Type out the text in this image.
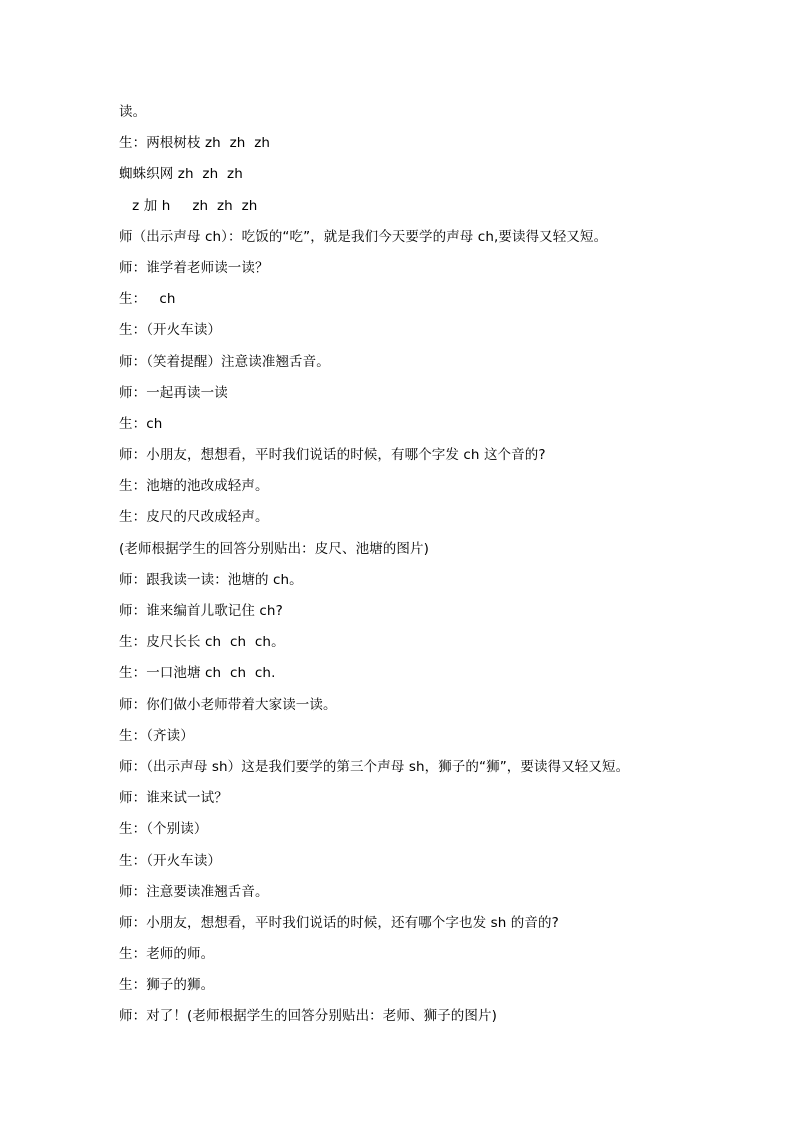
读。
生：两根树枝 zh  zh  zh
蜘蛛织网 zh  zh  zh
z 加 h     zh  zh  zh
师（出示声母 ch）：吃饭的“吃”，就是我们今天要学的声母 ch,要读得又轻又短。
师：谁学着老师读一读？
生：   ch
生：（开火车读）
师：（笑着提醒）注意读准翘舌音。
师：一起再读一读
生：ch
师：小朋友，想想看，平时我们说话的时候，有哪个字发 ch 这个音的?
生：池塘的池改成轻声。
生：皮尺的尺改成轻声。
(老师根据学生的回答分别贴出：皮尺、池塘的图片)
师：跟我读一读：池塘的 ch。
师：谁来编首儿歌记住 ch?
生：皮尺长长 ch  ch  ch。
生：一口池塘 ch  ch  ch.
师：你们做小老师带着大家读一读。
生：（齐读）
师：（出示声母 sh）这是我们要学的第三个声母 sh，狮子的“狮”，要读得又轻又短。
师：谁来试一试？
生：（个别读）
生：（开火车读）
师：注意要读准翘舌音。
师：小朋友，想想看，平时我们说话的时候，还有哪个字也发 sh 的音的?
生：老师的师。
生：狮子的狮。
师：对了！(老师根据学生的回答分别贴出：老师、狮子的图片)
